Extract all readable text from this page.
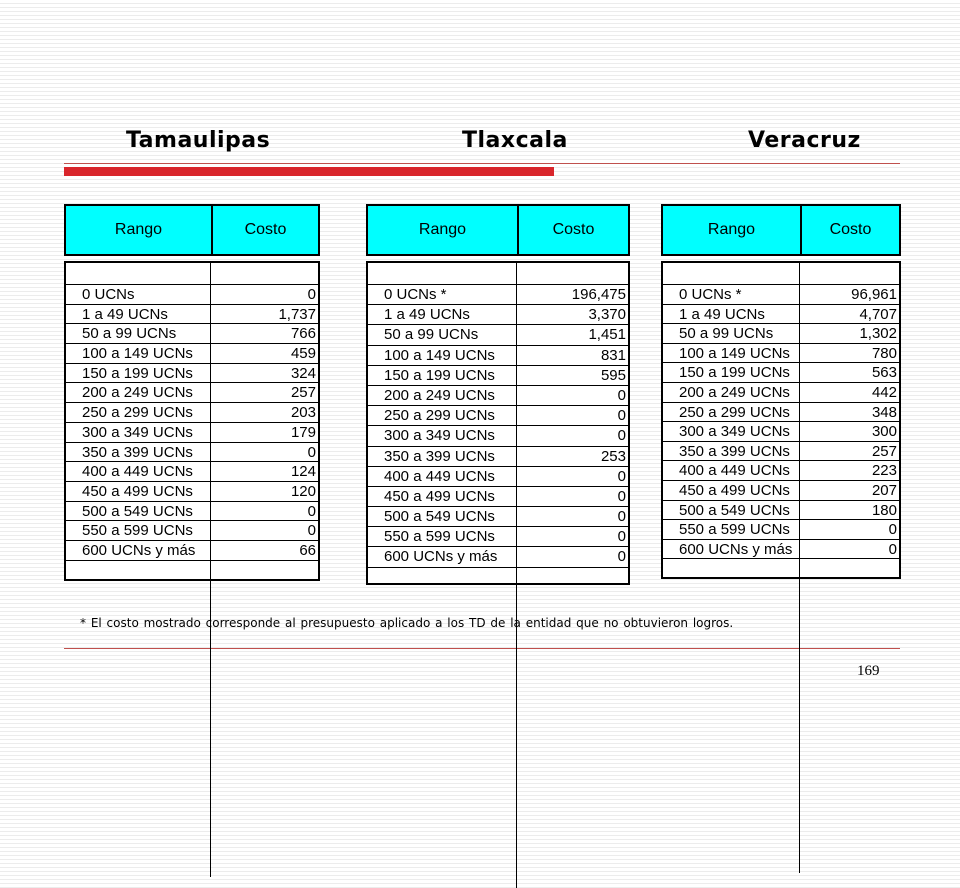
Tamaulipas	Tlaxcala	Veracruz
Rango	Costo
0 UCNs	0
1 a 49 UCNs	1,737
50 a 99 UCNs	766
100 a 149 UCNs	459
150 a 199 UCNs	324
200 a 249 UCNs	257
250 a 299 UCNs	203
300 a 349 UCNs	179
350 a 399 UCNs	0
400 a 449 UCNs	124
450 a 499 UCNs	120
500 a 549 UCNs	0
550 a 599 UCNs	0
600 UCNs y más	66
Rango	Costo
0 UCNs *	196,475
1 a 49 UCNs	3,370
50 a 99 UCNs	1,451
100 a 149 UCNs	831
150 a 199 UCNs	595
200 a 249 UCNs	0
250 a 299 UCNs	0
300 a 349 UCNs	0
350 a 399 UCNs	253
400 a 449 UCNs	0
450 a 499 UCNs	0
500 a 549 UCNs	0
550 a 599 UCNs	0
600 UCNs y más	0
Rango	Costo
0 UCNs *	96,961
1 a 49 UCNs	4,707
50 a 99 UCNs	1,302
100 a 149 UCNs	780
150 a 199 UCNs	563
200 a 249 UCNs	442
250 a 299 UCNs	348
300 a 349 UCNs	300
350 a 399 UCNs	257
400 a 449 UCNs	223
450 a 499 UCNs	207
500 a 549 UCNs	180
550 a 599 UCNs	0
600 UCNs y más	0
* El costo mostrado corresponde al presupuesto aplicado a los TD de la entidad que no obtuvieron logros.
169
